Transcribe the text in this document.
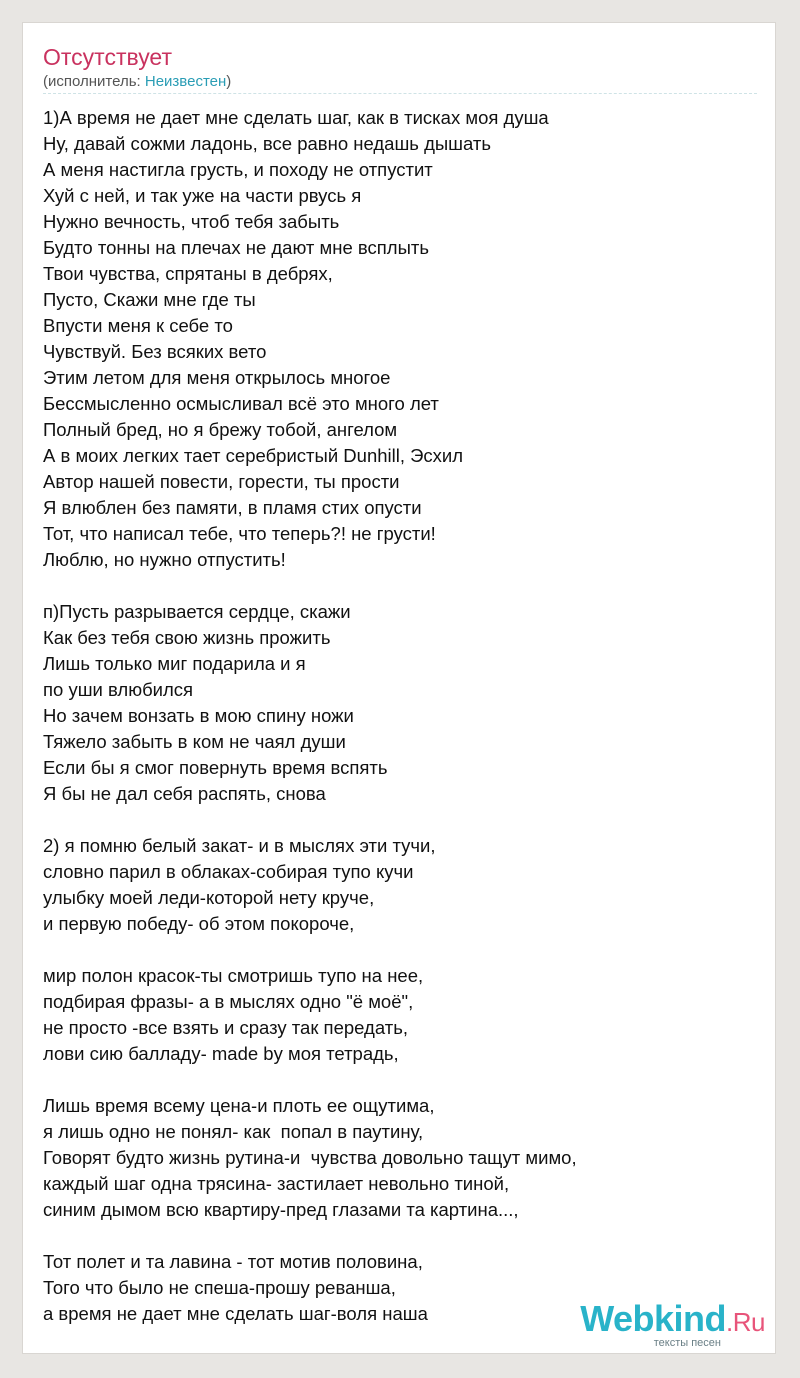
Отсутствует
(исполнитель: Неизвестен)
1)А время не дает мне сделать шаг, как в тисках моя душа
Ну, давай сожми ладонь, все равно недашь дышать
А меня настигла грусть, и походу не отпустит
Хуй с ней, и так уже на части рвусь я
Нужно вечность, чтоб тебя забыть
Будто тонны на плечах не дают мне всплыть
Твои чувства, спрятаны в дебрях,
Пусто, Скажи мне где ты
Впусти меня к себе то
Чувствуй. Без всяких вето
Этим летом для меня открылось многое
Бессмысленно осмысливал всё это много лет
Полный бред, но я брежу тобой, ангелом
А в моих легких тает серебристый Dunhill, Эсхил
Автор нашей повести, горести, ты прости
Я влюблен без памяти, в пламя стих опусти
Тот, что написал тебе, что теперь?! не грусти!
Люблю, но нужно отпустить!
п)Пусть разрывается сердце, скажи
Как без тебя свою жизнь прожить
Лишь только миг подарила и я
по уши влюбился
Но зачем вонзать в мою спину ножи
Тяжело забыть в ком не чаял души
Если бы я смог повернуть время вспять
Я бы не дал себя распять, снова
2) я помню белый закат- и в мыслях эти тучи,
словно парил в облаках-собирая тупо кучи
улыбку моей леди-которой нету круче,
и первую победу- об этом покороче,
мир полон красок-ты смотришь тупо на нее,
подбирая фразы- а в мыслях одно "ё моё",
не просто -все взять и сразу так передать,
лови сию балладу- made by моя тетрадь,
Лишь время всему цена-и плоть ее ощутима,
я лишь одно не понял- как  попал в паутину,
Говорят будто жизнь рутина-и  чувства довольно тащут мимо,
каждый шаг одна трясина- застилает невольно тиной,
синим дымом всю квартиру-пред глазами та картина...,
Тот полет и та лавина - тот мотив половина,
Того что было не спеша-прошу реванша,
а время не дает мне сделать шаг-воля наша	Webkind.Ru
тексты песен
